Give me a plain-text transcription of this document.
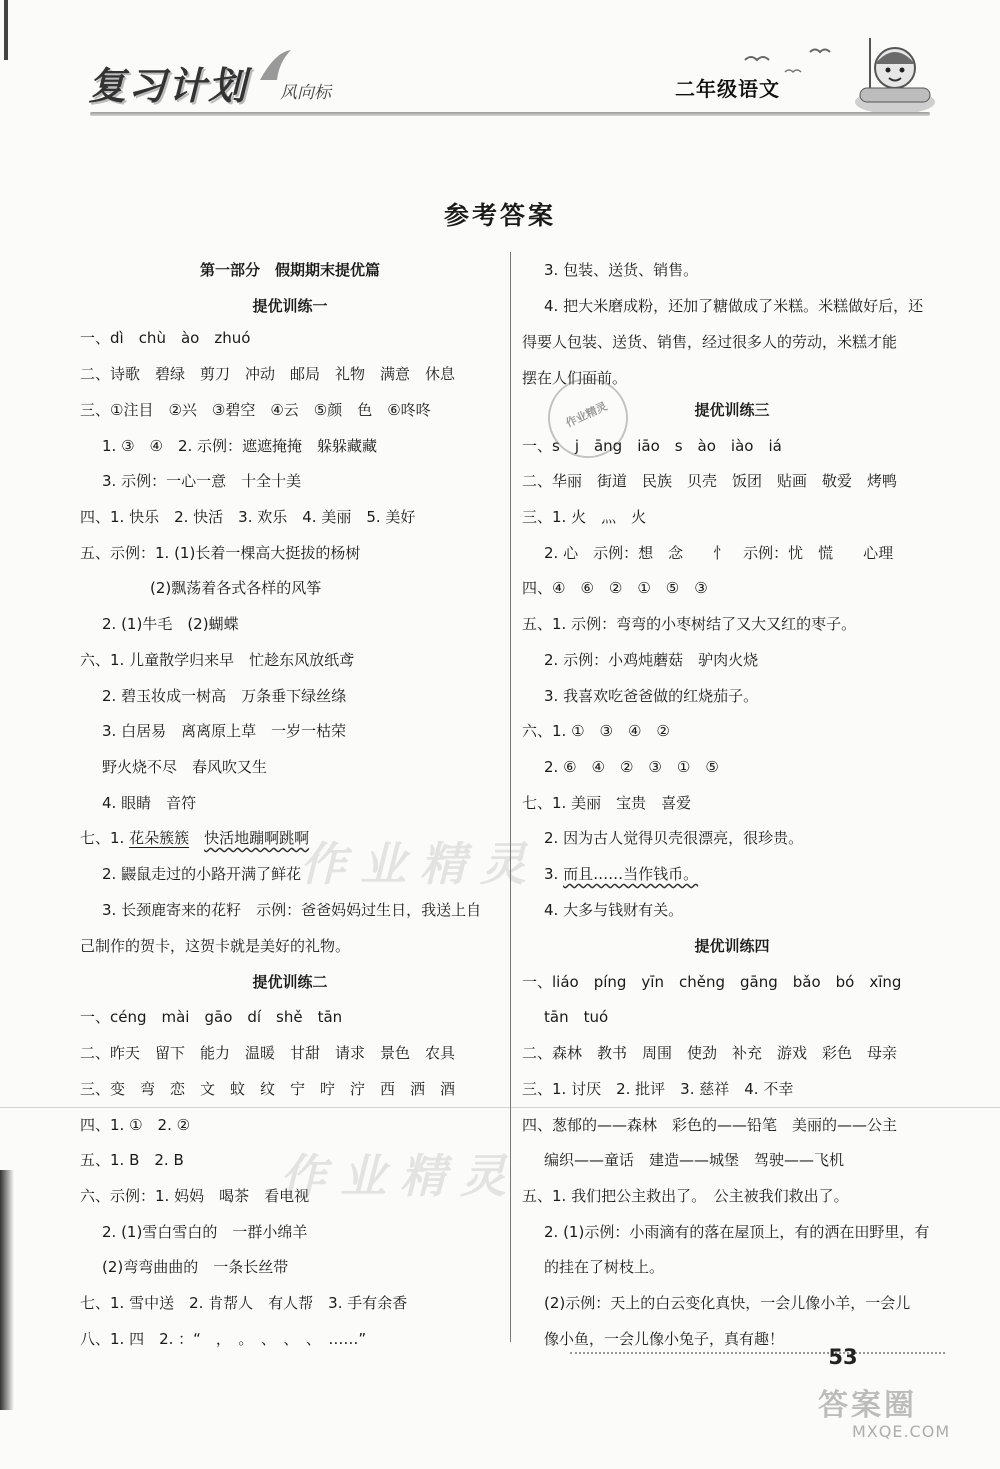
复习计划 风向标	二年级语文
参考答案
第一部分　假期期末提优篇
提优训练一
一、dì　chù　ào　zhuó
二、诗歌　碧绿　剪刀　冲动　邮局　礼物　满意　休息
三、①注目　②兴　③碧空　④云　⑤颜　色　⑥咚咚
1. ③　④　2. 示例：遮遮掩掩　躲躲藏藏
3. 示例：一心一意　十全十美
四、1. 快乐　2. 快活　3. 欢乐　4. 美丽　5. 美好
五、示例：1. (1)长着一棵高大挺拔的杨树
(2)飘荡着各式各样的风筝
2. (1)牛毛　(2)蝴蝶
六、1. 儿童散学归来早　忙趁东风放纸鸢
2. 碧玉妆成一树高　万条垂下绿丝绦
3. 白居易　离离原上草　一岁一枯荣
野火烧不尽　春风吹又生
4. 眼睛　音符
七、1. 花朵簇簇　 快活地蹦啊跳啊
2. 鼹鼠走过的小路开满了鲜花
3. 长颈鹿寄来的花籽　示例：爸爸妈妈过生日，我送上自
己制作的贺卡，这贺卡就是美好的礼物。
提优训练二
一、céng　mài　gāo　dí　shě　tān
二、昨天　留下　能力　温暖　甘甜　请求　景色　农具
三、变　弯　恋　文　蚊　纹　宁　咛　泞　西　洒　酒
四、1. ①　2. ②
五、1. B　2. B
六、示例：1. 妈妈　喝茶　看电视
2. (1)雪白雪白的　一群小绵羊
(2)弯弯曲曲的　一条长丝带
七、1. 雪中送　2. 肯帮人　有人帮　3. 手有余香
八、1. 四　2. ：“　，　。　、　、　、　……”
3. 包装、送货、销售。
4. 把大米磨成粉，还加了糖做成了米糕。米糕做好后，还
得要人包装、送货、销售，经过很多人的劳动，米糕才能
摆在人们面前。
提优训练三
一、s　j　āng　iāo　s　ào　iào　iá
二、华丽　街道　民族　贝壳　饭团　贴画　敬爱　烤鸭
三、1. 火　灬　火
2. 心　示例：想　念　　忄　示例：忧　慌　　心理
四、④　⑥　②　①　⑤　③
五、1. 示例：弯弯的小枣树结了又大又红的枣子。
2. 示例：小鸡炖蘑菇　驴肉火烧
3. 我喜欢吃爸爸做的红烧茄子。
六、1. ①　③　④　②
2. ⑥　④　②　③　①　⑤
七、1. 美丽　宝贵　喜爱
2. 因为古人觉得贝壳很漂亮，很珍贵。
3. 而且……当作钱币。
4. 大多与钱财有关。
提优训练四
一、liáo　píng　yīn　chěng　gāng　bǎo　bó　xīng
tān　tuó
二、森林　教书　周围　使劲　补充　游戏　彩色　母亲
三、1. 讨厌　2. 批评　3. 慈祥　4. 不幸
四、葱郁的——森林　彩色的——铅笔　美丽的——公主
编织——童话　建造——城堡　驾驶——飞机
五、1. 我们把公主救出了。　公主被我们救出了。
2. (1)示例：小雨滴有的落在屋顶上，有的洒在田野里，有
的挂在了树枝上。
(2)示例：天上的白云变化真快，一会儿像小羊，一会儿
像小鱼，一会儿像小兔子，真有趣！
作业精灵
作业精灵
作业精灵
53
答案圈
MXQE.COM
